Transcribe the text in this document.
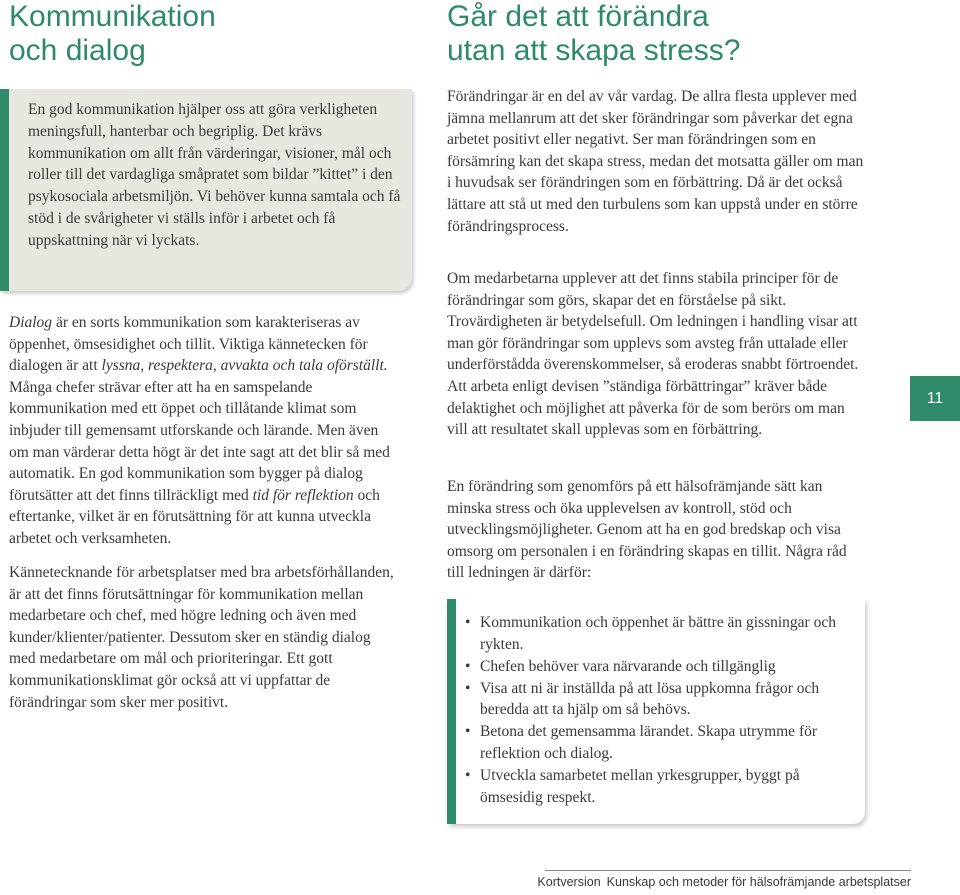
Kommunikation
och dialog

En god kommunikation hjälper oss att göra verkligheten meningsfull, hanterbar och begriplig. Det krävs kommunikation om allt från värderingar, visioner, mål och roller till det vardagliga småpratet som bildar ”kittet” i den psykosociala arbetsmiljön. Vi behöver kunna samtala och få stöd i de svårigheter vi ställs inför i arbetet och få uppskattning när vi lyckats.

Dialog är en sorts kommunikation som karakteriseras av öppenhet, ömsesidighet och tillit. Viktiga kännetecken för dialogen är att lyssna, respektera, avvakta och tala oförställt. Många chefer strävar efter att ha en samspelande kommunikation med ett öppet och tillåtande klimat som inbjuder till gemensamt utforskande och lärande. Men även om man värderar detta högt är det inte sagt att det blir så med automatik. En god kommunikation som bygger på dialog förutsätter att det finns tillräckligt med tid för reflektion och eftertanke, vilket är en förutsättning för att kunna utveckla arbetet och verksamheten.

Kännetecknande för arbetsplatser med bra arbetsförhållanden, är att det finns förutsättningar för kommunikation mellan medarbetare och chef, med högre ledning och även med kunder/klienter/patienter. Dessutom sker en ständig dialog med medarbetare om mål och prioriteringar. Ett gott kommunikationsklimat gör också att vi uppfattar de förändringar som sker mer positivt.

Går det att förändra
utan att skapa stress?

Förändringar är en del av vår vardag. De allra flesta upplever med jämna mellanrum att det sker förändringar som påverkar det egna arbetet positivt eller negativt. Ser man förändringen som en försämring kan det skapa stress, medan det motsatta gäller om man i huvudsak ser förändringen som en förbättring. Då är det också lättare att stå ut med den turbulens som kan uppstå under en större förändringsprocess.

Om medarbetarna upplever att det finns stabila principer för de förändringar som görs, skapar det en förståelse på sikt. Trovärdigheten är betydelsefull. Om ledningen i handling visar att man gör förändringar som upplevs som avsteg från uttalade eller underförstådda överenskommelser, så eroderas snabbt förtroendet. Att arbeta enligt devisen ”ständiga förbättringar” kräver både delaktighet och möjlighet att påverka för de som berörs om man vill att resultatet skall upplevas som en förbättring.

En förändring som genomförs på ett hälsofrämjande sätt kan minska stress och öka upplevelsen av kontroll, stöd och utvecklingsmöjligheter. Genom att ha en god bredskap och visa omsorg om personalen i en förändring skapas en tillit. Några råd till ledningen är därför:

• Kommunikation och öppenhet är bättre än gissningar och rykten.
• Chefen behöver vara närvarande och tillgänglig
• Visa att ni är inställda på att lösa uppkomna frågor och beredda att ta hjälp om så behövs.
• Betona det gemensamma lärandet. Skapa utrymme för reflektion och dialog.
• Utveckla samarbetet mellan yrkesgrupper, byggt på ömsesidig respekt.
11
Kortversion Kunskap och metoder för hälsofrämjande arbetsplatser
